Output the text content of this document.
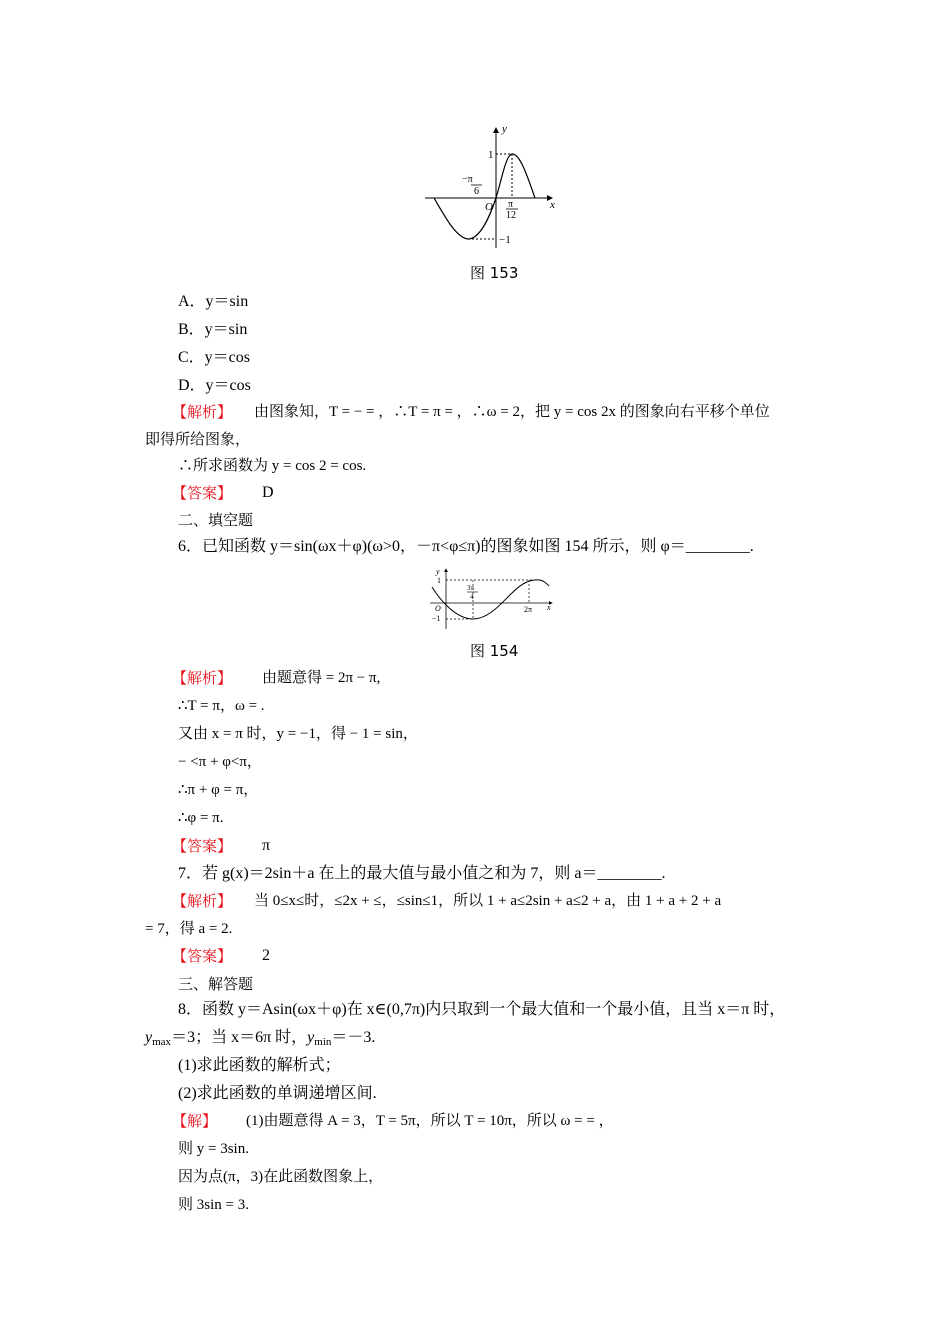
y
x
O
1
−1
−π
6
π
12
图 153
A．y＝sin
B．y＝sin
C．y＝cos
D．y＝cos
【解析】 由图象知，T = − = ，∴T = π = ，∴ω = 2，把 y = cos 2x 的图象向右平移个单位
即得所给图象，
∴所求函数为 y = cos 2 = cos.
【答案】 D
二、填空题
6．已知函数 y＝sin(ωx＋φ)(ω>0，－π<φ≤π)的图象如图 154 所示，则 φ＝________.
y
x
O
1
−1
3π
4
2π
图 154
【解析】 由题意得 = 2π − π,
∴T = π，ω = .
又由 x = π 时，y = −1，得 − 1 = sin，
− <π + φ<π，
∴π + φ = π，
∴φ = π.
【答案】 π
7．若 g(x)＝2sin＋a 在上的最大值与最小值之和为 7，则 a＝________.
【解析】 当 0≤x≤时，≤2x + ≤，≤sin≤1，所以 1 + a≤2sin + a≤2 + a，由 1 + a + 2 + a
= 7，得 a = 2.
【答案】 2
三、解答题
8．函数 y＝Asin(ωx＋φ)在 x∈(0,7π)内只取到一个最大值和一个最小值，且当 x＝π 时，
$y_{max}=3$；当 x＝6π 时，$y_{min}=-3$.
(1)求此函数的解析式；
(2)求此函数的单调递增区间.
【解】 (1)由题意得 A = 3，T = 5π，所以 T = 10π，所以 ω = = ，
则 y = 3sin.
因为点(π，3)在此函数图象上，
则 3sin = 3.
